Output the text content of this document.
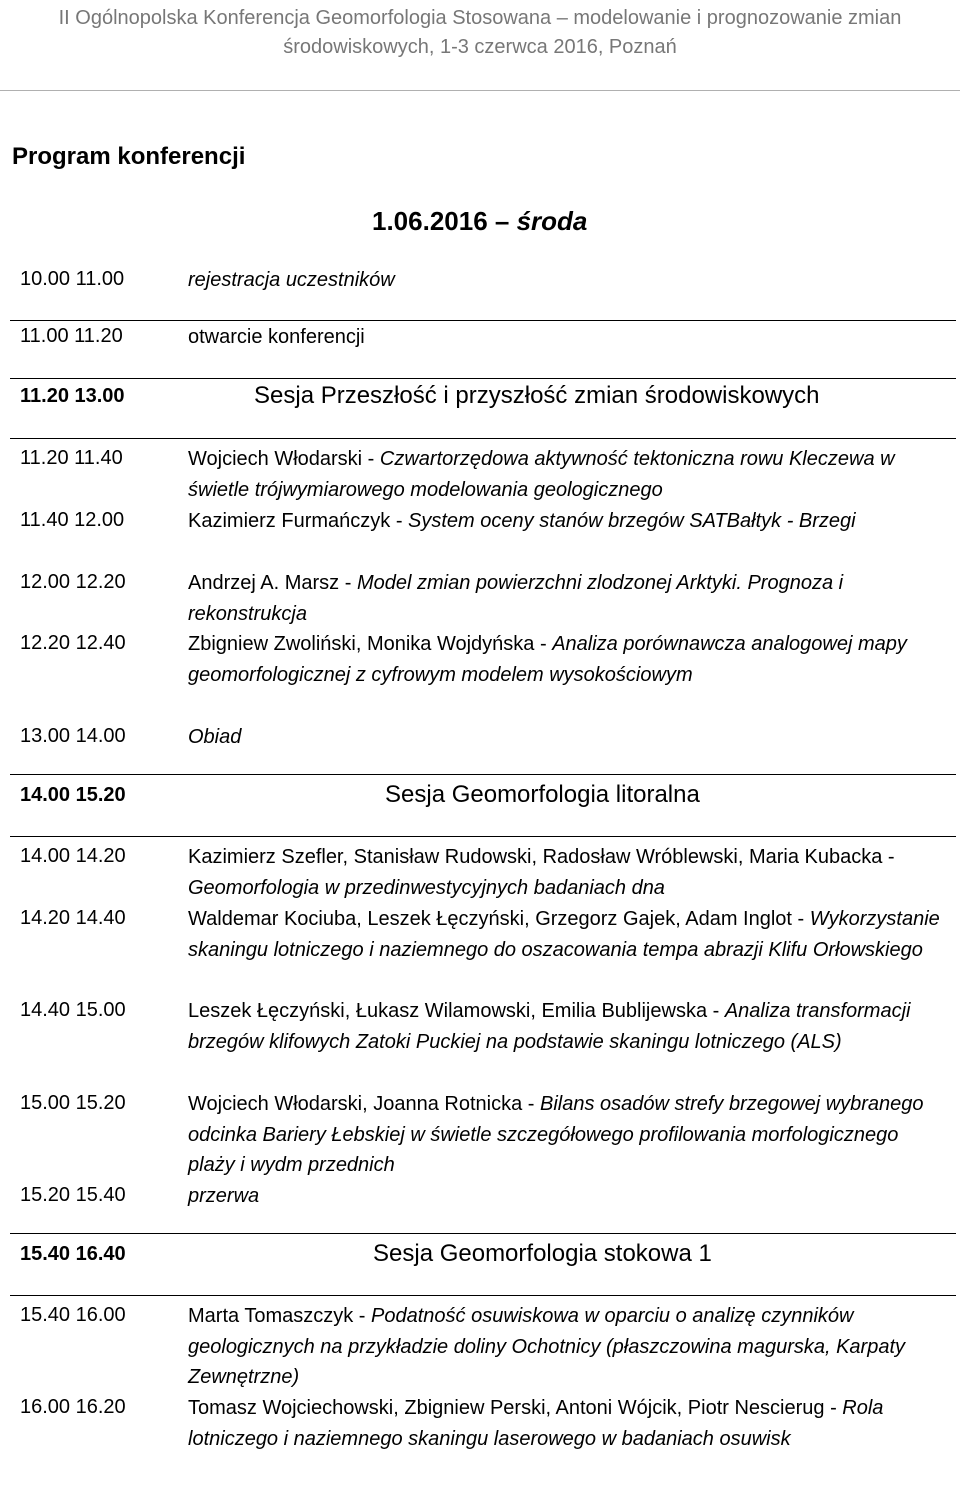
II Ogólnopolska Konferencja Geomorfologia Stosowana – modelowanie i prognozowanie zmian
środowiskowych, 1-3 czerwca 2016, Poznań
Program konferencji
1.06.2016 – środa
10.00 11.00	rejestracja uczestników
11.00 11.20	otwarcie konferencji
11.20 13.00	Sesja Przeszłość i przyszłość zmian środowiskowych
11.20 11.40	Wojciech Włodarski - Czwartorzędowa aktywność tektoniczna rowu Kleczewa w świetle trójwymiarowego modelowania geologicznego
11.40 12.00	Kazimierz Furmańczyk - System oceny stanów brzegów SATBałtyk - Brzegi
12.00 12.20	Andrzej A. Marsz - Model zmian powierzchni zlodzonej Arktyki. Prognoza i rekonstrukcja
12.20 12.40	Zbigniew Zwoliński, Monika Wojdyńska - Analiza porównawcza analogowej mapy geomorfologicznej z cyfrowym modelem wysokościowym
13.00 14.00	Obiad
14.00 15.20	Sesja Geomorfologia litoralna
14.00 14.20	Kazimierz Szefler, Stanisław Rudowski, Radosław Wróblewski, Maria Kubacka - Geomorfologia w przedinwestycyjnych badaniach dna
14.20 14.40	Waldemar Kociuba, Leszek Łęczyński, Grzegorz Gajek, Adam Inglot - Wykorzystanie skaningu lotniczego i naziemnego do oszacowania tempa abrazji Klifu Orłowskiego
14.40 15.00	Leszek Łęczyński, Łukasz Wilamowski, Emilia Bublijewska - Analiza transformacji brzegów klifowych Zatoki Puckiej na podstawie skaningu lotniczego (ALS)
15.00 15.20	Wojciech Włodarski, Joanna Rotnicka - Bilans osadów strefy brzegowej wybranego odcinka Bariery Łebskiej w świetle szczegółowego profilowania morfologicznego plaży i wydm przednich
15.20 15.40	przerwa
15.40 16.40	Sesja Geomorfologia stokowa 1
15.40 16.00	Marta Tomaszczyk - Podatność osuwiskowa w oparciu o analizę czynników geologicznych na przykładzie doliny Ochotnicy (płaszczowina magurska, Karpaty Zewnętrzne)
16.00 16.20	Tomasz Wojciechowski, Zbigniew Perski, Antoni Wójcik, Piotr Nescierug - Rola lotniczego i naziemnego skaningu laserowego w badaniach osuwisk
